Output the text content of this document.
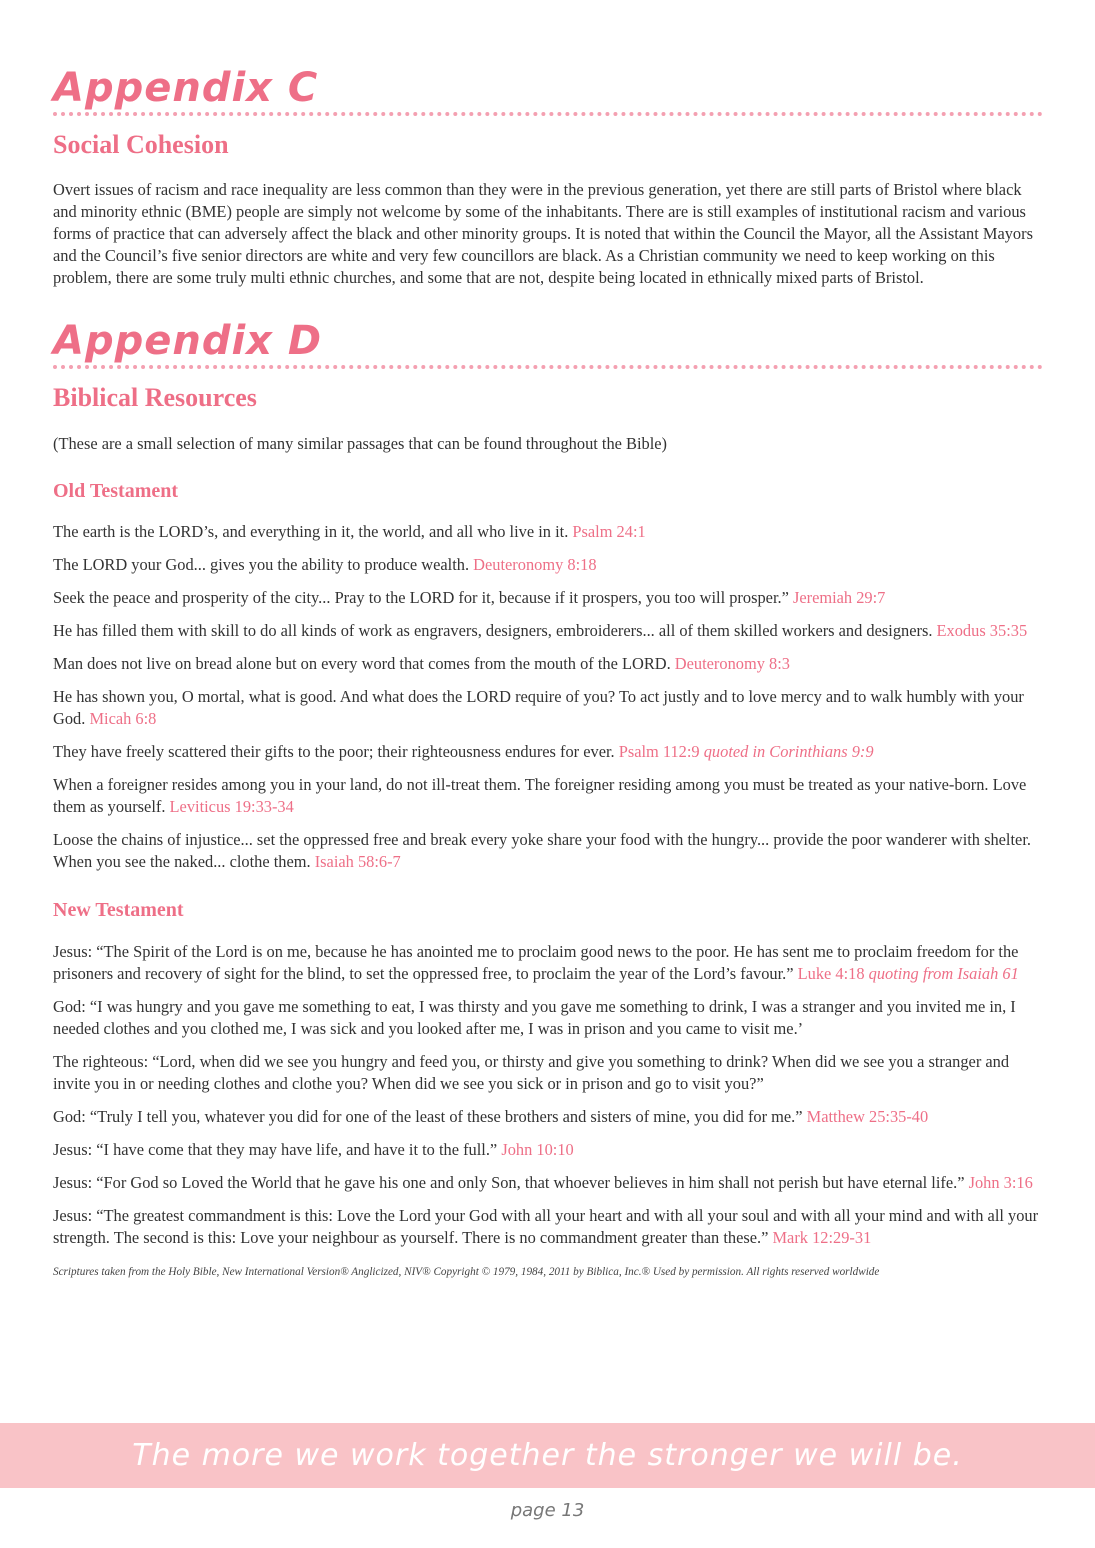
Appendix C
Social Cohesion

Overt issues of racism and race inequality are less common than they were in the previous generation, yet there are still parts of Bristol where black and minority ethnic (BME) people are simply not welcome by some of the inhabitants. There are is still examples of institutional racism and various forms of practice that can adversely affect the black and other minority groups. It is noted that within the Council the Mayor, all the Assistant Mayors and the Council’s five senior directors are white and very few councillors are black. As a Christian community we need to keep working on this problem, there are some truly multi ethnic churches, and some that are not, despite being located in ethnically mixed parts of Bristol.

Appendix D
Biblical Resources

(These are a small selection of many similar passages that can be found throughout the Bible)

Old Testament

The earth is the LORD’s, and everything in it, the world, and all who live in it. Psalm 24:1

The LORD your God... gives you the ability to produce wealth. Deuteronomy 8:18

Seek the peace and prosperity of the city... Pray to the LORD for it, because if it prospers, you too will prosper.” Jeremiah 29:7

He has filled them with skill to do all kinds of work as engravers, designers, embroiderers... all of them skilled workers and designers. Exodus 35:35

Man does not live on bread alone but on every word that comes from the mouth of the LORD. Deuteronomy 8:3

He has shown you, O mortal, what is good. And what does the LORD require of you? To act justly and to love mercy and to walk humbly with your God. Micah 6:8

They have freely scattered their gifts to the poor; their righteousness endures for ever. Psalm 112:9 quoted in Corinthians 9:9

When a foreigner resides among you in your land, do not ill-treat them. The foreigner residing among you must be treated as your native-born. Love them as yourself. Leviticus 19:33-34

Loose the chains of injustice... set the oppressed free and break every yoke share your food with the hungry... provide the poor wanderer with shelter. When you see the naked... clothe them. Isaiah 58:6-7

New Testament

Jesus: “The Spirit of the Lord is on me, because he has anointed me to proclaim good news to the poor. He has sent me to proclaim freedom for the prisoners and recovery of sight for the blind, to set the oppressed free, to proclaim the year of the Lord’s favour.” Luke 4:18 quoting from Isaiah 61

God: “I was hungry and you gave me something to eat, I was thirsty and you gave me something to drink, I was a stranger and you invited me in, I needed clothes and you clothed me, I was sick and you looked after me, I was in prison and you came to visit me.’

The righteous: “Lord, when did we see you hungry and feed you, or thirsty and give you something to drink? When did we see you a stranger and invite you in or needing clothes and clothe you? When did we see you sick or in prison and go to visit you?”

God: “Truly I tell you, whatever you did for one of the least of these brothers and sisters of mine, you did for me.” Matthew 25:35-40

Jesus: “I have come that they may have life, and have it to the full.” John 10:10

Jesus: “For God so Loved the World that he gave his one and only Son, that whoever believes in him shall not perish but have eternal life.” John 3:16

Jesus: “The greatest commandment is this: Love the Lord your God with all your heart and with all your soul and with all your mind and with all your strength. The second is this: Love your neighbour as yourself. There is no commandment greater than these.” Mark 12:29-31

Scriptures taken from the Holy Bible, New International Version® Anglicized, NIV® Copyright © 1979, 1984, 2011 by Biblica, Inc.® Used by permission. All rights reserved worldwide

The more we work together the stronger we will be.
page 13
